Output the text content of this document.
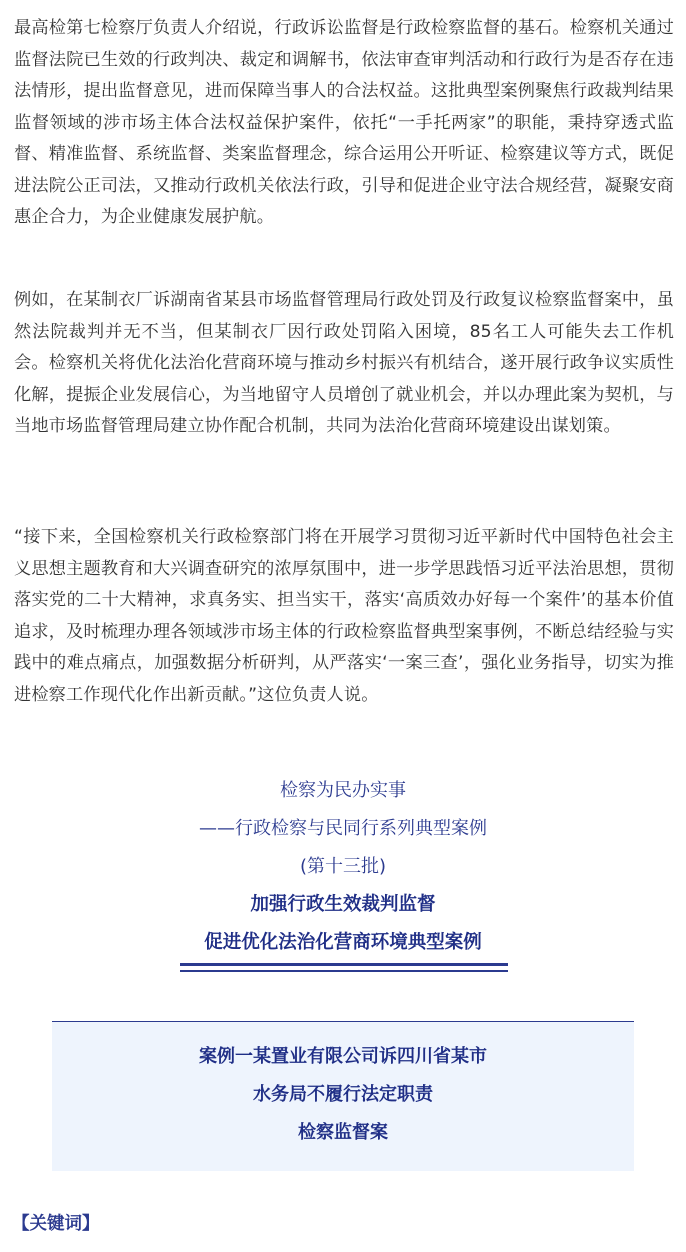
最高检第七检察厅负责人介绍说，行政诉讼监督是行政检察监督的基石。检察机关通过监督法院已生效的行政判决、裁定和调解书，依法审查审判活动和行政行为是否存在违法情形，提出监督意见，进而保障当事人的合法权益。这批典型案例聚焦行政裁判结果监督领域的涉市场主体合法权益保护案件，依托“一手托两家”的职能，秉持穿透式监督、精准监督、系统监督、类案监督理念，综合运用公开听证、检察建议等方式，既促进法院公正司法，又推动行政机关依法行政，引导和促进企业守法合规经营，凝聚安商惠企合力，为企业健康发展护航。

例如，在某制衣厂诉湖南省某县市场监督管理局行政处罚及行政复议检察监督案中，虽然法院裁判并无不当，但某制衣厂因行政处罚陷入困境，85名工人可能失去工作机会。检察机关将优化法治化营商环境与推动乡村振兴有机结合，遂开展行政争议实质性化解，提振企业发展信心，为当地留守人员增创了就业机会，并以办理此案为契机，与当地市场监督管理局建立协作配合机制，共同为法治化营商环境建设出谋划策。

“接下来，全国检察机关行政检察部门将在开展学习贯彻习近平新时代中国特色社会主义思想主题教育和大兴调查研究的浓厚氛围中，进一步学思践悟习近平法治思想，贯彻落实党的二十大精神，求真务实、担当实干，落实‘高质效办好每一个案件’的基本价值追求，及时梳理办理各领域涉市场主体的行政检察监督典型案事例，不断总结经验与实践中的难点痛点，加强数据分析研判，从严落实‘一案三查’，强化业务指导，切实为推进检察工作现代化作出新贡献。”这位负责人说。

检察为民办实事
——行政检察与民同行系列典型案例
(第十三批)
加强行政生效裁判监督
促进优化法治化营商环境典型案例
案例一某置业有限公司诉四川省某市
水务局不履行法定职责
检察监督案
【关键词】
